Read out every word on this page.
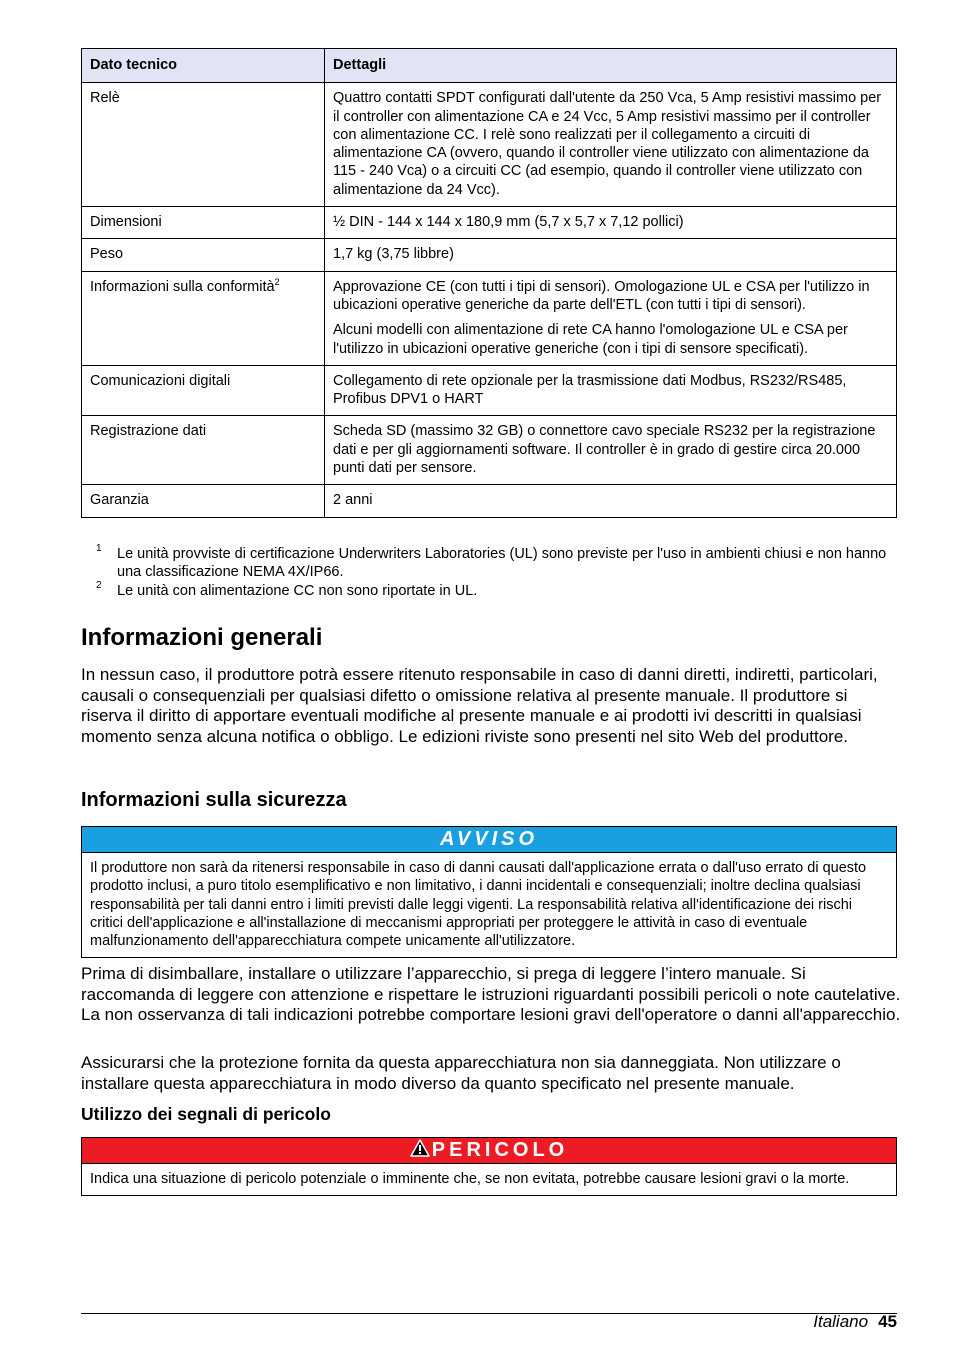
Dato tecnico	Dettagli
Relè	Quattro contatti SPDT configurati dall'utente da 250 Vca, 5 Amp resistivi massimo per il controller con alimentazione CA e 24 Vcc, 5 Amp resistivi massimo per il controller con alimentazione CC. I relè sono realizzati per il collegamento a circuiti di alimentazione CA (ovvero, quando il controller viene utilizzato con alimentazione da 115 - 240 Vca) o a circuiti CC (ad esempio, quando il controller viene utilizzato con alimentazione da 24 Vcc).

Dimensioni	½ DIN - 144 x 144 x 180,9 mm (5,7 x 5,7 x 7,12 pollici)

Peso	1,7 kg (3,75 libbre)

Informazioni sulla conformità$^2$	Approvazione CE (con tutti i tipi di sensori). Omologazione UL e CSA per l'utilizzo in ubicazioni operative generiche da parte dell'ETL (con tutti i tipi di sensori).

Alcuni modelli con alimentazione di rete CA hanno l'omologazione UL e CSA per l'utilizzo in ubicazioni operative generiche (con i tipi di sensore specificati).

Comunicazioni digitali	Collegamento di rete opzionale per la trasmissione dati Modbus, RS232/RS485, Profibus DPV1 o HART

Registrazione dati	Scheda SD (massimo 32 GB) o connettore cavo speciale RS232 per la registrazione dati e per gli aggiornamenti software. Il controller è in grado di gestire circa 20.000 punti dati per sensore.

Garanzia	2 anni

1 Le unità provviste di certificazione Underwriters Laboratories (UL) sono previste per l'uso in ambienti chiusi e non hanno una classificazione NEMA 4X/IP66.
2 Le unità con alimentazione CC non sono riportate in UL.
Informazioni generali

In nessun caso, il produttore potrà essere ritenuto responsabile in caso di danni diretti, indiretti, particolari, causali o consequenziali per qualsiasi difetto o omissione relativa al presente manuale. Il produttore si riserva il diritto di apportare eventuali modifiche al presente manuale e ai prodotti ivi descritti in qualsiasi momento senza alcuna notifica o obbligo. Le edizioni riviste sono presenti nel sito Web del produttore.

Informazioni sulla sicurezza
AVVISO
Il produttore non sarà da ritenersi responsabile in caso di danni causati dall'applicazione errata o dall'uso errato di questo prodotto inclusi, a puro titolo esemplificativo e non limitativo, i danni incidentali e consequenziali; inoltre declina qualsiasi responsabilità per tali danni entro i limiti previsti dalle leggi vigenti. La responsabilità relativa all'identificazione dei rischi critici dell'applicazione e all'installazione di meccanismi appropriati per proteggere le attività in caso di eventuale malfunzionamento dell'apparecchiatura compete unicamente all'utilizzatore.

Prima di disimballare, installare o utilizzare l’apparecchio, si prega di leggere l’intero manuale. Si raccomanda di leggere con attenzione e rispettare le istruzioni riguardanti possibili pericoli o note cautelative. La non osservanza di tali indicazioni potrebbe comportare lesioni gravi dell'operatore o danni all'apparecchio.

Assicurarsi che la protezione fornita da questa apparecchiatura non sia danneggiata. Non utilizzare o installare questa apparecchiatura in modo diverso da quanto specificato nel presente manuale.

Utilizzo dei segnali di pericolo
PERICOLO
Indica una situazione di pericolo potenziale o imminente che, se non evitata, potrebbe causare lesioni gravi o la morte.
Italiano 45
